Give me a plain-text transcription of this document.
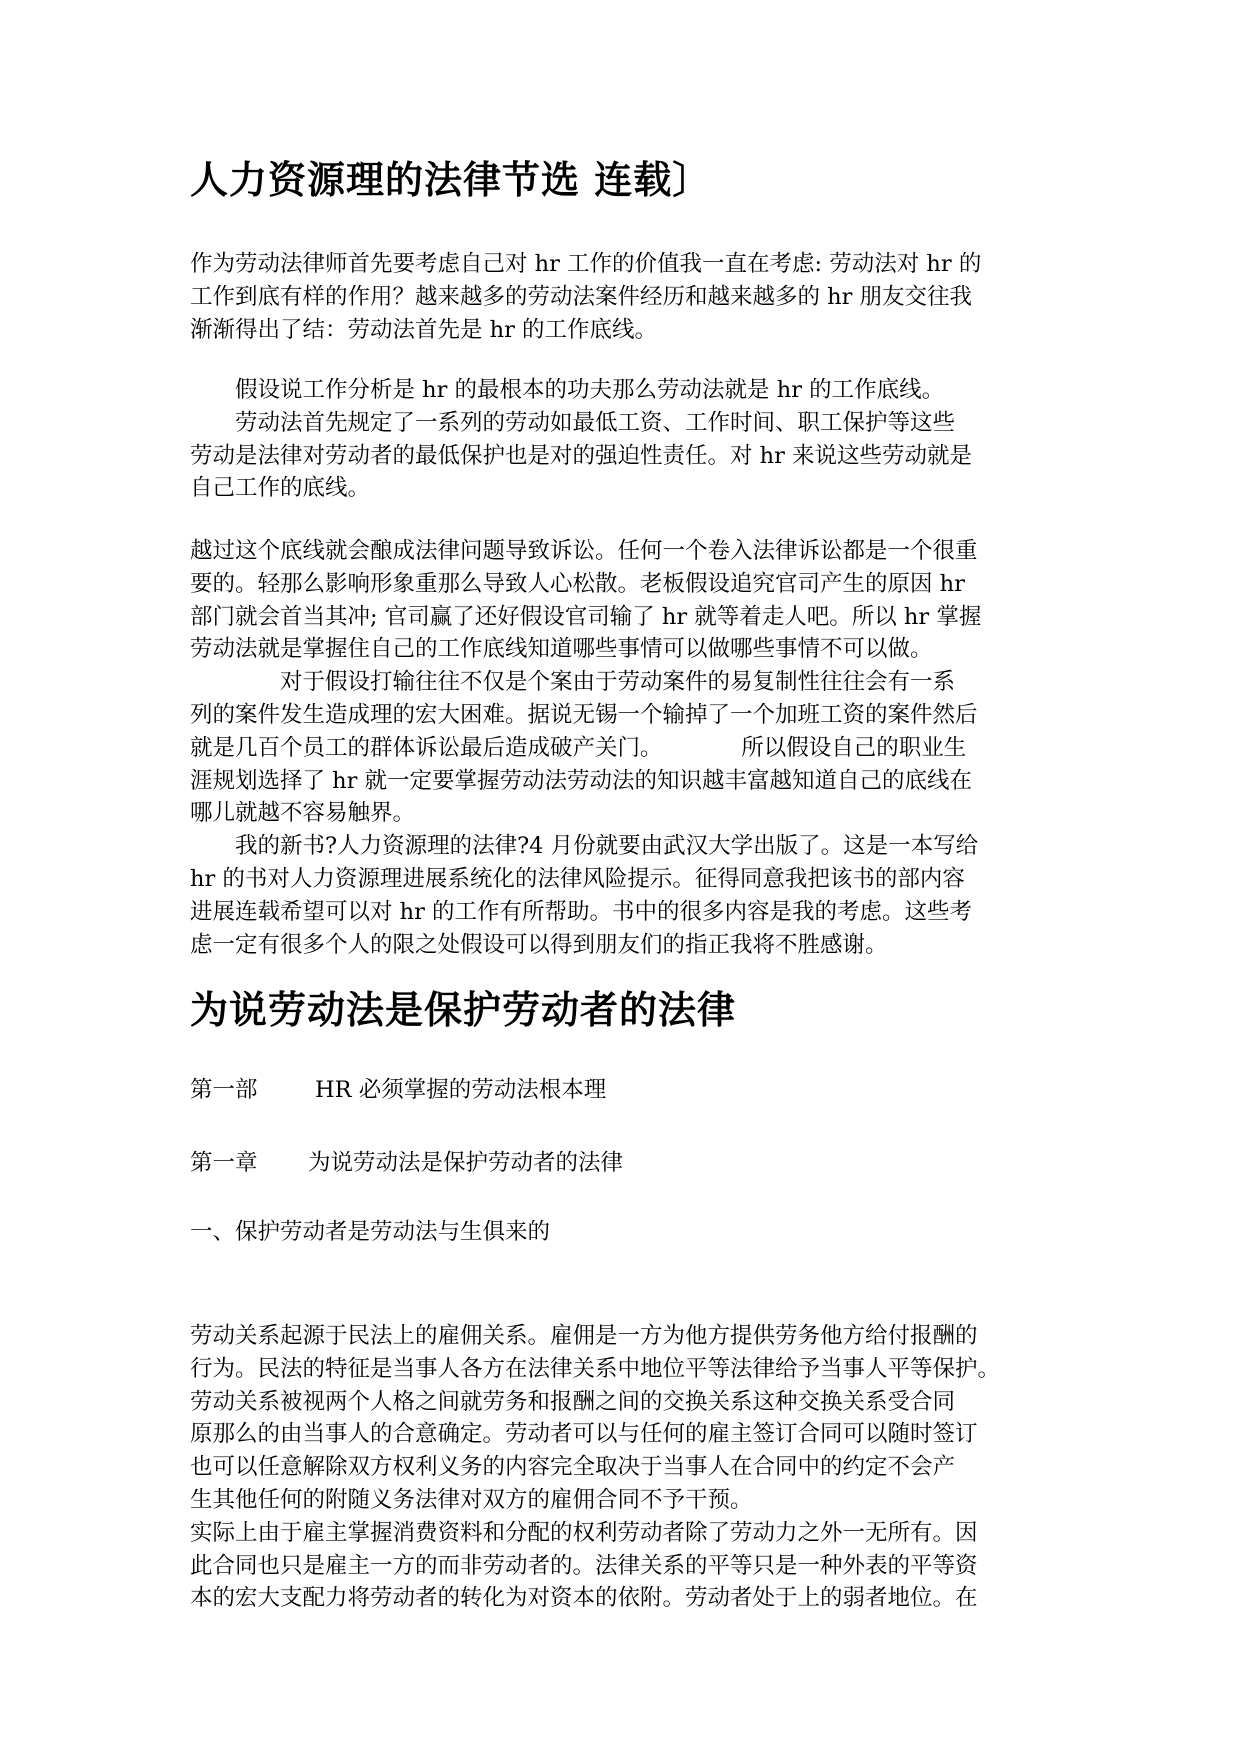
人力资源理的法律节选 连载〕
作为劳动法律师首先要考虑自己对 hr 工作的价值我一直在考虑: 劳动法对 hr 的
工作到底有样的作用？越来越多的劳动法案件经历和越来越多的 hr 朋友交往我
渐渐得出了结：劳动法首先是 hr 的工作底线。
　　假设说工作分析是 hr 的最根本的功夫那么劳动法就是 hr 的工作底线。
　　劳动法首先规定了一系列的劳动如最低工资、工作时间、职工保护等这些
劳动是法律对劳动者的最低保护也是对的强迫性责任。对 hr 来说这些劳动就是
自己工作的底线。
越过这个底线就会酿成法律问题导致诉讼。任何一个卷入法律诉讼都是一个很重
要的。轻那么影响形象重那么导致人心松散。老板假设追究官司产生的原因 hr
部门就会首当其冲; 官司赢了还好假设官司输了 hr 就等着走人吧。所以 hr 掌握
劳动法就是掌握住自己的工作底线知道哪些事情可以做哪些事情不可以做。
　　　　对于假设打输往往不仅是个案由于劳动案件的易复制性往往会有一系
列的案件发生造成理的宏大困难。据说无锡一个输掉了一个加班工资的案件然后
就是几百个员工的群体诉讼最后造成破产关门。　　　　所以假设自己的职业生
涯规划选择了 hr 就一定要掌握劳动法劳动法的知识越丰富越知道自己的底线在
哪儿就越不容易触界。
　　我的新书?人力资源理的法律?4 月份就要由武汉大学出版了。这是一本写给
hr 的书对人力资源理进展系统化的法律风险提示。征得同意我把该书的部内容
进展连载希望可以对 hr 的工作有所帮助。书中的很多内容是我的考虑。这些考
虑一定有很多个人的限之处假设可以得到朋友们的指正我将不胜感谢。
为说劳动法是保护劳动者的法律
第一部	HR 必须掌握的劳动法根本理
第一章 为说劳动法是保护劳动者的法律
一、保护劳动者是劳动法与生俱来的
劳动关系起源于民法上的雇佣关系。雇佣是一方为他方提供劳务他方给付报酬的
行为。民法的特征是当事人各方在法律关系中地位平等法律给予当事人平等保护。
劳动关系被视两个人格之间就劳务和报酬之间的交换关系这种交换关系受合同
原那么的由当事人的合意确定。劳动者可以与任何的雇主签订合同可以随时签订
也可以任意解除双方权利义务的内容完全取决于当事人在合同中的约定不会产
生其他任何的附随义务法律对双方的雇佣合同不予干预。
实际上由于雇主掌握消费资料和分配的权利劳动者除了劳动力之外一无所有。因
此合同也只是雇主一方的而非劳动者的。法律关系的平等只是一种外表的平等资
本的宏大支配力将劳动者的转化为对资本的依附。劳动者处于上的弱者地位。在
